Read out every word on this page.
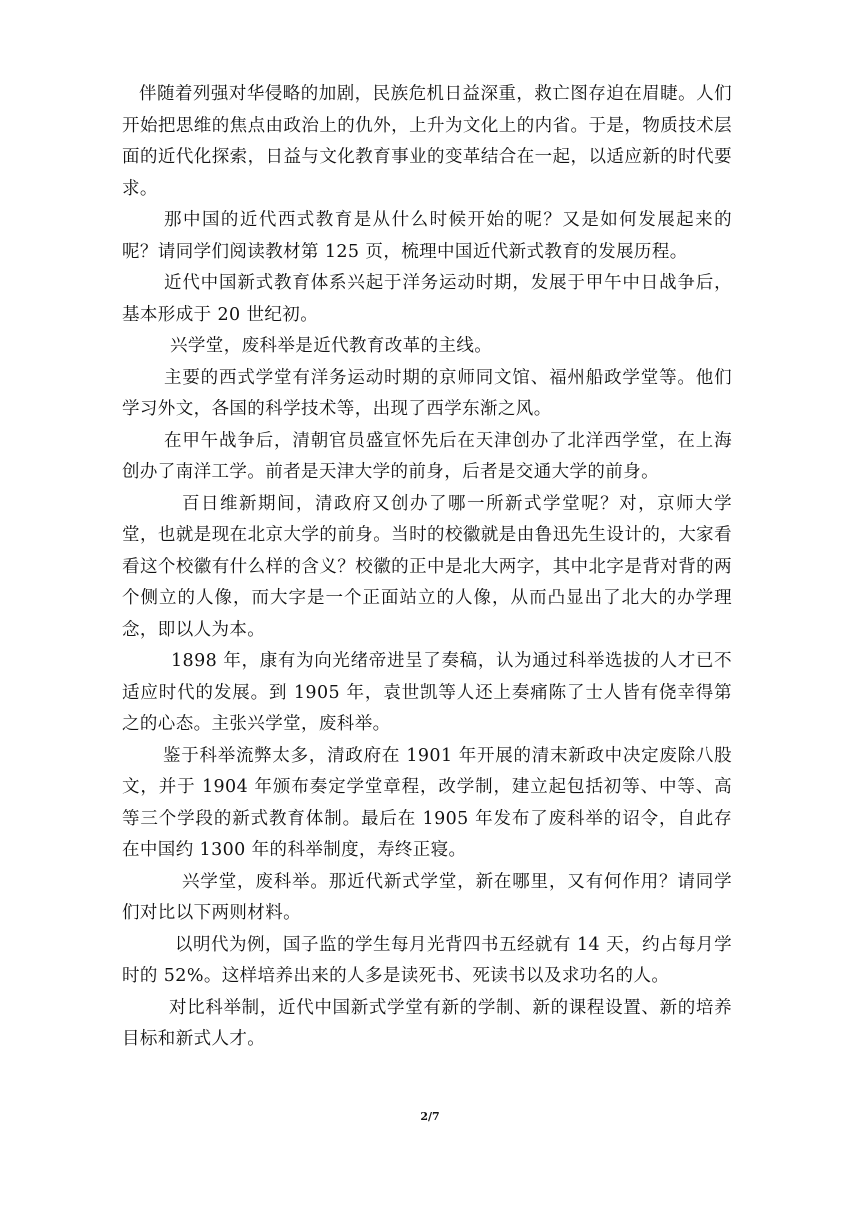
伴随着列强对华侵略的加剧，民族危机日益深重，救亡图存迫在眉睫。人们开始把思维的焦点由政治上的仇外，上升为文化上的内省。于是，物质技术层面的近代化探索，日益与文化教育事业的变革结合在一起，以适应新的时代要求。

那中国的近代西式教育是从什么时候开始的呢？又是如何发展起来的呢？请同学们阅读教材第 125 页，梳理中国近代新式教育的发展历程。

近代中国新式教育体系兴起于洋务运动时期，发展于甲午中日战争后，基本形成于 20 世纪初。

兴学堂，废科举是近代教育改革的主线。

主要的西式学堂有洋务运动时期的京师同文馆、福州船政学堂等。他们学习外文，各国的科学技术等，出现了西学东渐之风。

在甲午战争后，清朝官员盛宣怀先后在天津创办了北洋西学堂，在上海创办了南洋工学。前者是天津大学的前身，后者是交通大学的前身。

百日维新期间，清政府又创办了哪一所新式学堂呢？对，京师大学堂，也就是现在北京大学的前身。当时的校徽就是由鲁迅先生设计的，大家看看这个校徽有什么样的含义？校徽的正中是北大两字，其中北字是背对背的两个侧立的人像，而大字是一个正面站立的人像，从而凸显出了北大的办学理念，即以人为本。

1898 年，康有为向光绪帝进呈了奏稿，认为通过科举选拔的人才已不适应时代的发展。到 1905 年，袁世凯等人还上奏痛陈了士人皆有侥幸得第之的心态。主张兴学堂，废科举。

鉴于科举流弊太多，清政府在 1901 年开展的清末新政中决定废除八股文，并于 1904 年颁布奏定学堂章程，改学制，建立起包括初等、中等、高等三个学段的新式教育体制。最后在 1905 年发布了废科举的诏令，自此存在中国约 1300 年的科举制度，寿终正寝。

兴学堂，废科举。那近代新式学堂，新在哪里，又有何作用？请同学们对比以下两则材料。

以明代为例，国子监的学生每月光背四书五经就有 14 天，约占每月学时的 52%。这样培养出来的人多是读死书、死读书以及求功名的人。

对比科举制，近代中国新式学堂有新的学制、新的课程设置、新的培养目标和新式人才。

2/7
